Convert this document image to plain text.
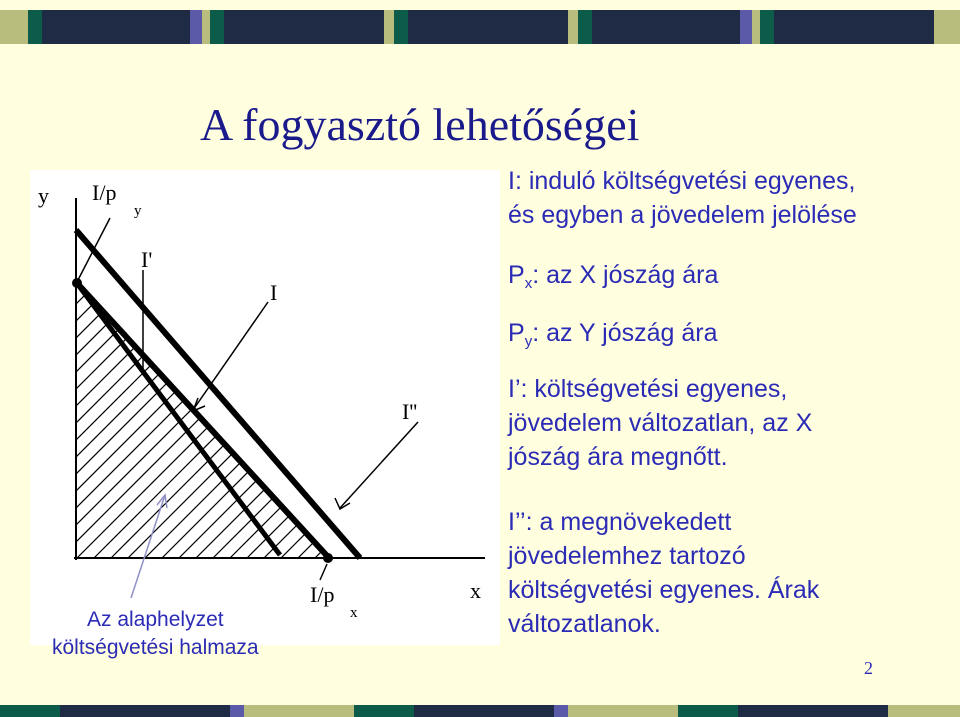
A fogyasztó lehetőségei
y I/p
y
I'
I
I''
I/p
x
x
Az alaphelyzet
költségvetési halmaza
I: induló költségvetési egyenes,
és egyben a jövedelem jelölése
$P_x$: az X jószág ára
$P_y$: az Y jószág ára
I’: költségvetési egyenes,
jövedelem változatlan, az X
jószág ára megnőtt.
I’’: a megnövekedett
jövedelemhez tartozó
költségvetési egyenes. Árak
változatlanok.
2
